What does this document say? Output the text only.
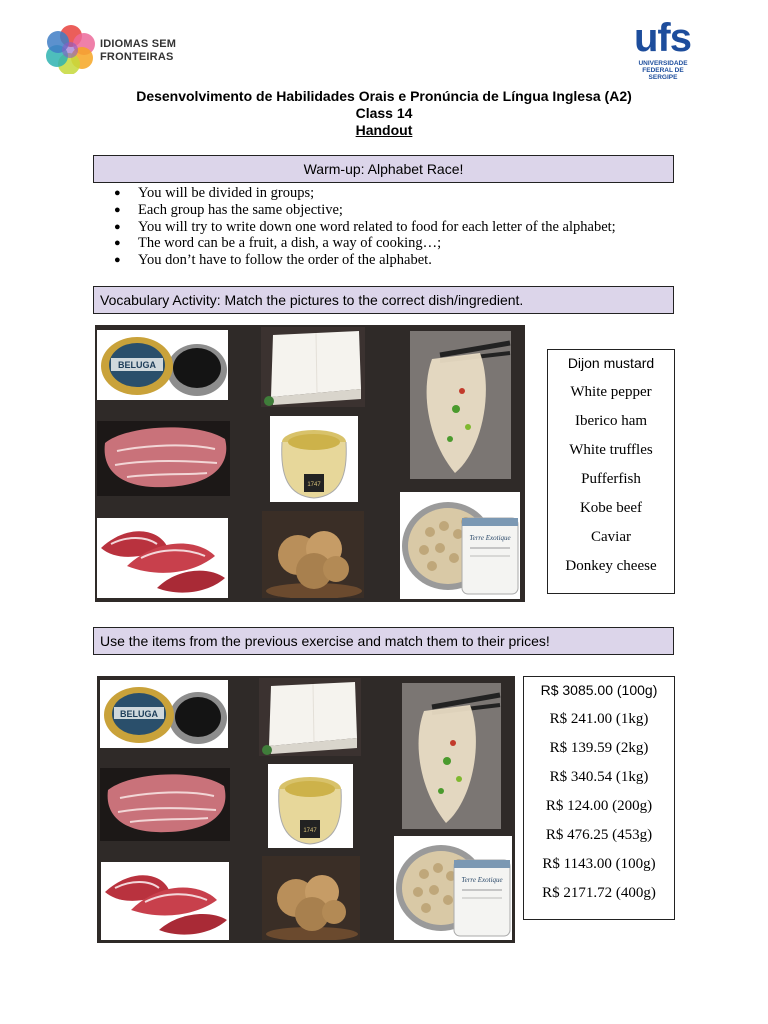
IDIOMAS SEM
FRONTEIRAS	ufs
UNIVERSIDADE
FEDERAL DE
SERGIPE
Desenvolvimento de Habilidades Orais e Pronúncia de Língua Inglesa (A2)
Class 14
Handout
Warm-up: Alphabet Race!
● You will be divided in groups;
● Each group has the same objective;
● You will try to write down one word related to food for each letter of the alphabet;
● The word can be a fruit, a dish, a way of cooking…;
● You don’t have to follow the order of the alphabet.
Vocabulary Activity: Match the pictures to the correct dish/ingredient.
BELUGA
1747
Terre Exotique
Dijon mustard
White pepper
Iberico ham
White truffles
Pufferfish
Kobe beef
Caviar
Donkey cheese
Use the items from the previous exercise and match them to their prices!
BELUGA
1747
Terre Exotique
R$ 3085.00 (100g)
R$ 241.00 (1kg)
R$ 139.59 (2kg)
R$ 340.54 (1kg)
R$ 124.00 (200g)
R$ 476.25 (453g)
R$ 1143.00 (100g)
R$ 2171.72 (400g)
